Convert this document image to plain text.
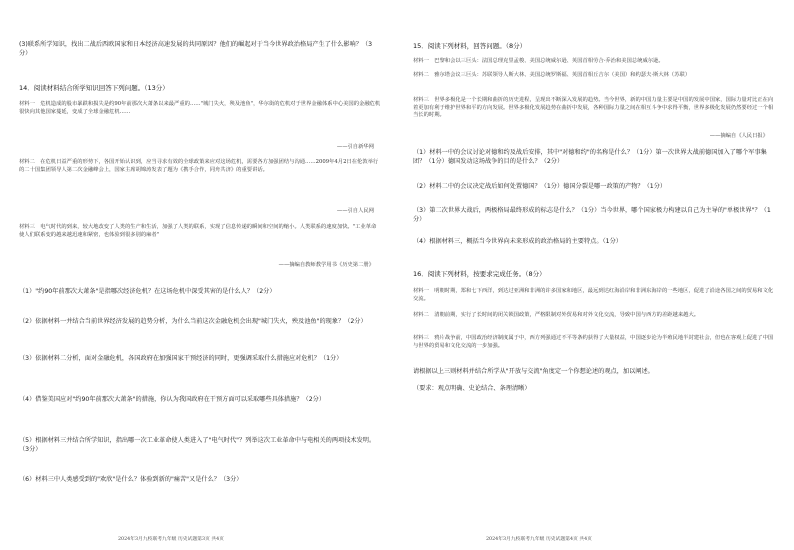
(3)联系所学知识，找出二战后西欧国家和日本经济高速发展的共同原因？他们的崛起对于当今世界政治格局产生了什么影响？（3分）
14．阅读材料结合所学知识回答下列问题。（13分）
材料一　危机造成的股市暴跌和损失是约90年前那次大萧条以来最严重的……"城门失火，殃及池鱼"，华尔街的危机对于世界金融体系中心美国的金融危机很快向其他国家蔓延，变成了全球金融危机……
——引自新华网
材料二　在危机日益严重的形势下，各国开始认识到，应当寻求有效的全球政策来应对这场危机，需要各方加强团结与沟通……2009年4月2日在伦敦举行的二十国集团领导人第二次金融峰会上，国家主席胡锦涛发表了题为《携手合作，同舟共济》的重要讲话。
——引自人民网
材料三　电气时代的到来，较大地改变了人类的生产和生活，加强了人类的联系，实现了信息传递的瞬间和空间的缩小。人类联系的速度加快。"工业革命使人们联系变的越来越迅速和紧密，也体验到很多别的麻者"
——摘编自教师教学用书《历史第二册》
（1）"约90年前那次大萧条"是指哪次经济危机？在这场危机中深受其害的是什么人？（2分）
（2）依据材料一并结合当前世界经济发展的趋势分析，为什么当前这次金融危机会出现"城门失火，殃及池鱼"的现象？（2分）
（3）依据材料二分析，面对金融危机，各国政府在加强国家干预经济的同时，更强调采取什么措施应对危机？（1分）
（4）借鉴美国应对"约90年前那次大萧条"的措施，你认为我国政府在干预方面可以采取哪些具体措施？（2分）
（5）根据材料三并结合所学知识，指出哪一次工业革命使人类进入了"电气时代"？列举这次工业革命中与电相关的两项技术发明。（3分）
（6）材料三中人类感受到的"欢欣"是什么？体验到新的"痛苦"又是什么？（3分）
2024年3月九校联考九年级 历史试题第3页 共4页
15．阅读下列材料，回答问题。（8分）
材料一　巴黎和会以三巨头：法国总理克里孟梭、美国总统威尔逊、英国首相劳合·乔治和美国总统威尔逊。
材料二　雅尔塔会议三巨头：苏联领导人斯大林、美国总统罗斯福、英国首相丘吉尔（美国）和约瑟夫·斯大林（苏联）
材料三　世界多极化是一个长期和曲折的历史进程，呈现出不断深入发展的趋势。当今世界，新的中国力量主要是中国的发展中国家，国际力量对比正在向着更加有利于维护世界和平的方向发展。世界多极化发展趋势在曲折中发展，各种国际力量之间在相互斗争中求得平衡，世界多极化发展仍然要经过一个相当长的时期。
——摘编自《人民日报》
（1）材料一中的会议讨论对德和约及战后安排，其中"对德和约"的名称是什么？（1分）第一次世界大战前德国加入了哪个军事集团？（1分）德国发动这场战争的目的是什么？（2分）
（2）材料二中的会议决定战后如何处置德国？（1分）德国分裂是哪一政策的产物？（1分）
（3）第二次世界大战后，两极格局最终形成的标志是什么？（1分）当今世界，哪个国家极力构建以自己为主导的"单极世界"？（1分）
（4）根据材料三，概括当今世界向未来形成的政治格局的主要特点。（1分）
16．阅读下列材料，按要求完成任务。（8分）
材料一　明朝时期，郑和七下西洋，到达过亚洲和非洲的许多国家和地区，最远到达红海沿岸和非洲东海岸的一些地区，促进了沿途各国之间的贸易和文化交流。
材料二　清朝前期，实行了长时间的闭关锁国政策，严格限制对外贸易和对外文化交流，导致中国与西方的差距越来越大。
材料三　鸦片战争前，中国政治经济制度属于中，西方列强通过不平等条约获得了大量权益，中国逐步沦为半殖民地半封建社会，但也在客观上促进了中国与世界的贸易和文化交流的一步加强。
请根据以上三则材料并结合所学从"开放与交流"角度定一个你想论述的观点，加以阐述。
（要求：观点明确、史论结合、条理清晰）
2024年3月九校联考九年级 历史试题第4页 共4页
